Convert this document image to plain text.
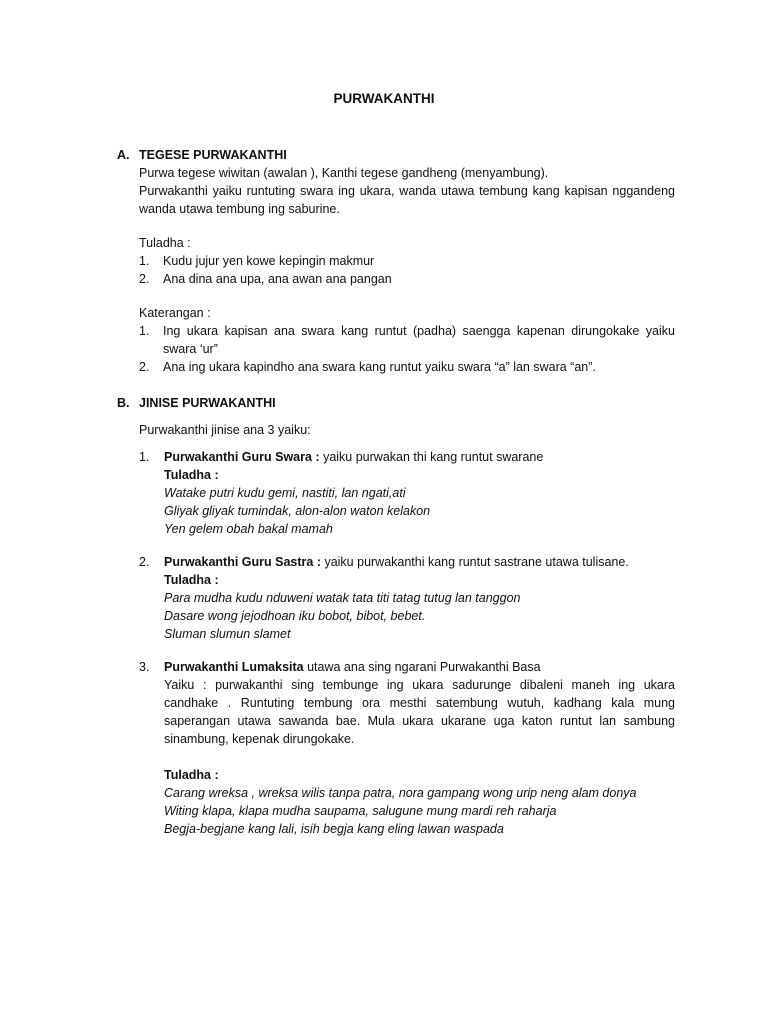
PURWAKANTHI
A. TEGESE PURWAKANTHI

Purwa tegese wiwitan (awalan ), Kanthi tegese gandheng (menyambung).

Purwakanthi yaiku runtuting swara ing ukara, wanda utawa tembung kang kapisan nggandeng wanda utawa tembung ing saburine.

Tuladha :

1.	Kudu jujur yen kowe kepingin makmur
2.	Ana dina ana upa, ana awan ana pangan

Katerangan :

1.	Ing ukara kapisan ana swara kang runtut (padha) saengga kapenan dirungokake yaiku swara ‘ur”
2.	Ana ing ukara kapindho ana swara kang runtut yaiku swara “a” lan swara “an”.
B. JINISE PURWAKANTHI
Purwakanthi jinise ana 3 yaiku:
1.	Purwakanthi Guru Swara : yaiku purwakan thi kang runtut swarane

Tuladha :

Watake putri kudu gemi, nastiti, lan ngati,ati

Gliyak gliyak tumindak, alon-alon waton kelakon

Yen gelem obah bakal mamah

2.	Purwakanthi Guru Sastra : yaiku purwakanthi kang runtut sastrane utawa tulisane.

Tuladha :

Para mudha kudu nduweni watak tata titi tatag tutug lan tanggon

Dasare wong jejodhoan iku bobot, bibot, bebet.

Sluman slumun slamet

3.	Purwakanthi Lumaksita utawa ana sing ngarani Purwakanthi Basa

Yaiku : purwakanthi sing tembunge ing ukara sadurunge dibaleni maneh ing ukara candhake . Runtuting tembung ora mesthi satembung wutuh, kadhang kala mung saperangan utawa sawanda bae. Mula ukara ukarane uga katon runtut lan sambung sinambung, kepenak dirungokake.

Tuladha :

Carang wreksa , wreksa wilis tanpa patra, nora gampang wong urip neng alam donya

Witing klapa, klapa mudha saupama, salugune mung mardi reh raharja

Begja-begjane kang lali, isih begja kang eling lawan waspada
